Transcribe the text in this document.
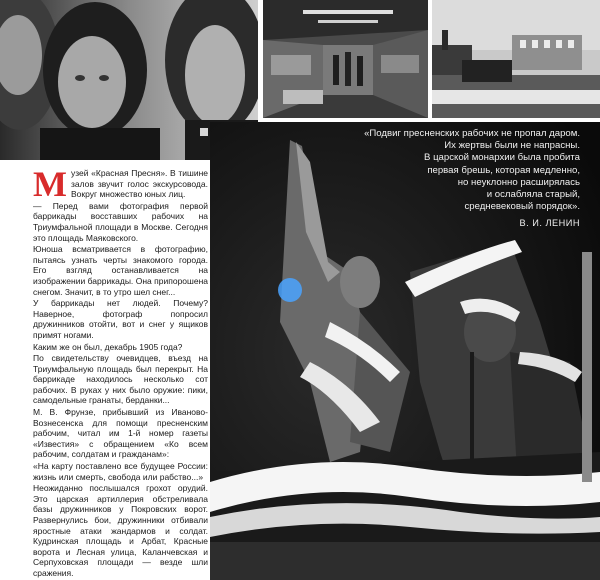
«Подвиг пресненских рабочих не пропал даром.

Их жертвы были не напрасны.

В царской монархии была пробита

первая брешь, которая медленно,

но неуклонно расширялась

и ослабляла старый,

средневековый порядок».

В. И. ЛЕНИН

Музей «Красная Пресня». В тишине залов звучит голос экскурсовода. Вокруг множество юных лиц.

— Перед вами фотография первой баррикады восставших рабочих на Триумфальной площади в Москве. Сегодня это площадь Маяковского.

Юноша всматривается в фотографию, пытаясь узнать черты знакомого города. Его взгляд останавливается на изображении баррикады. Она припорошена снегом. Значит, в то утро шел снег...

У баррикады нет людей. Почему? Наверное, фотограф попросил дружинников отойти, вот и снег у ящиков примят ногами.

Каким же он был, декабрь 1905 года?

По свидетельству очевидцев, въезд на Триумфальную площадь был перекрыт. На баррикаде находилось несколько сот рабочих. В руках у них было оружие: пики, самодельные гранаты, берданки...

М. В. Фрунзе, прибывший из Иваново-Вознесенска для помощи пресненским рабочим, читал им 1-й номер газеты «Известия» с обращением «Ко всем рабочим, солдатам и гражданам»:

«На карту поставлено все будущее России: жизнь или смерть, свобода или рабство...»

Неожиданно послышался грохот орудий. Это царская артиллерия обстреливала базы дружинников у Покровских ворот. Развернулись бои, дружинники отбивали яростные атаки жандармов и солдат. Кудринская площадь и Арбат, Красные ворота и Лесная улица, Каланчевская и Серпуховская площади — везде шли сражения.
